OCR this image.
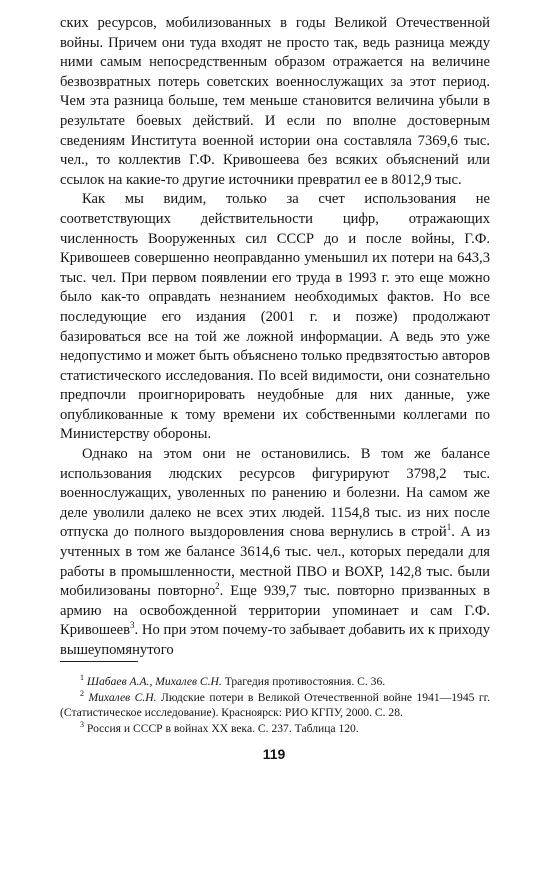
ских ресурсов, мобилизованных в годы Великой Отечественной войны. Причем они туда входят не просто так, ведь разница между ними самым непосредственным образом отражается на величине безвозвратных потерь советских военнослужащих за этот период. Чем эта разница больше, тем меньше становится величина убыли в результате боевых действий. И если по вполне достоверным сведениям Института военной истории она составляла 7369,6 тыс. чел., то коллектив Г.Ф. Кривошеева без всяких объяснений или ссылок на какие-то другие источники превратил ее в 8012,9 тыс.

Как мы видим, только за счет использования не соответствующих действительности цифр, отражающих численность Вооруженных сил СССР до и после войны, Г.Ф. Кривошеев совершенно неоправданно уменьшил их потери на 643,3 тыс. чел. При первом появлении его труда в 1993 г. это еще можно было как-то оправдать незнанием необходимых фактов. Но все последующие его издания (2001 г. и позже) продолжают базироваться все на той же ложной информации. А ведь это уже недопустимо и может быть объяснено только предвзятостью авторов статистического исследования. По всей видимости, они сознательно предпочли проигнорировать неудобные для них данные, уже опубликованные к тому времени их собственными коллегами по Министерству обороны.

Однако на этом они не остановились. В том же балансе использования людских ресурсов фигурируют 3798,2 тыс. военнослужащих, уволенных по ранению и болезни. На самом же деле уволили далеко не всех этих людей. 1154,8 тыс. из них после отпуска до полного выздоровления снова вернулись в строй$^1$. А из учтенных в том же балансе 3614,6 тыс. чел., которых передали для работы в промышленности, местной ПВО и ВОХР, 142,8 тыс. были мобилизованы повторно$^2$. Еще 939,7 тыс. повторно призванных в армию на освобожденной территории упоминает и сам Г.Ф. Кривошеев$^3$. Но при этом почему-то забывает добавить их к приходу вышеупомянутого

$^1$ Шабаев А.А., Михалев С.Н. Трагедия противостояния. С. 36.

$^2$ Михалев С.Н. Людские потери в Великой Отечественной войне 1941—1945 гг. (Статистическое исследование). Красноярск: РИО КГПУ, 2000. С. 28.

$^3$ Россия и СССР в войнах XX века. С. 237. Таблица 120.

119
